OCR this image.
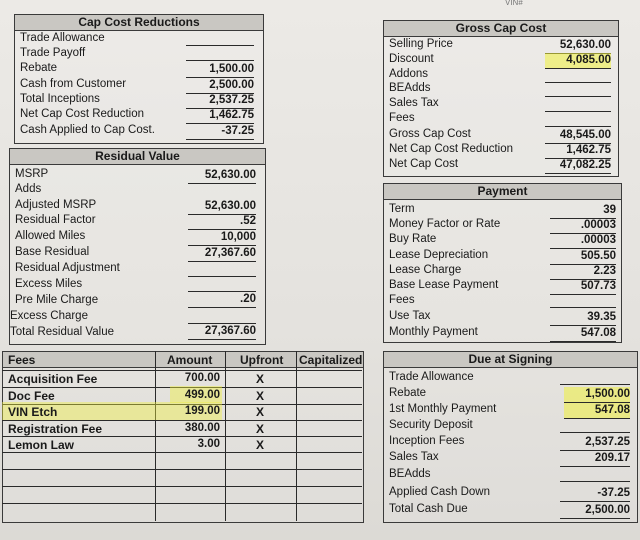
VIN#
Cap Cost Reductions
Trade Allowance
Trade Payoff
Rebate	1,500.00
Cash from Customer	2,500.00
Total Inceptions	2,537.25
Net Cap Cost Reduction	1,462.75
Cash Applied to Cap Cost.	-37.25
Gross Cap Cost
Selling Price	52,630.00
Discount	4,085.00
Addons
BEAdds
Sales Tax
Fees
Gross Cap Cost	48,545.00
Net Cap Cost Reduction	1,462.75
Net Cap Cost	47,082.25
Residual Value
MSRP	52,630.00
Adds
Adjusted MSRP	52,630.00
Residual Factor	.52
Allowed Miles	10,000
Base Residual	27,367.60
Residual Adjustment
Excess Miles
Pre Mile Charge	.20
Excess Charge
Total Residual Value	27,367.60
Payment
Term	39
Money Factor or Rate	.00003
Buy Rate	.00003
Lease Depreciation	505.50
Lease Charge	2.23
Base Lease Payment	507.73
Fees
Use Tax	39.35
Monthly Payment	547.08
Fees	Amount Upfront Capitalized
Acquisition Fee	700.00	X
Doc Fee	499.00	X
VIN Etch	199.00	X
Registration Fee	380.00	X
Lemon Law	3.00	X
Due at Signing
Trade Allowance
Rebate	1,500.00
1st Monthly Payment	547.08
Security Deposit
Inception Fees	2,537.25
Sales Tax	209.17
BEAdds
Applied Cash Down	-37.25
Total Cash Due	2,500.00
